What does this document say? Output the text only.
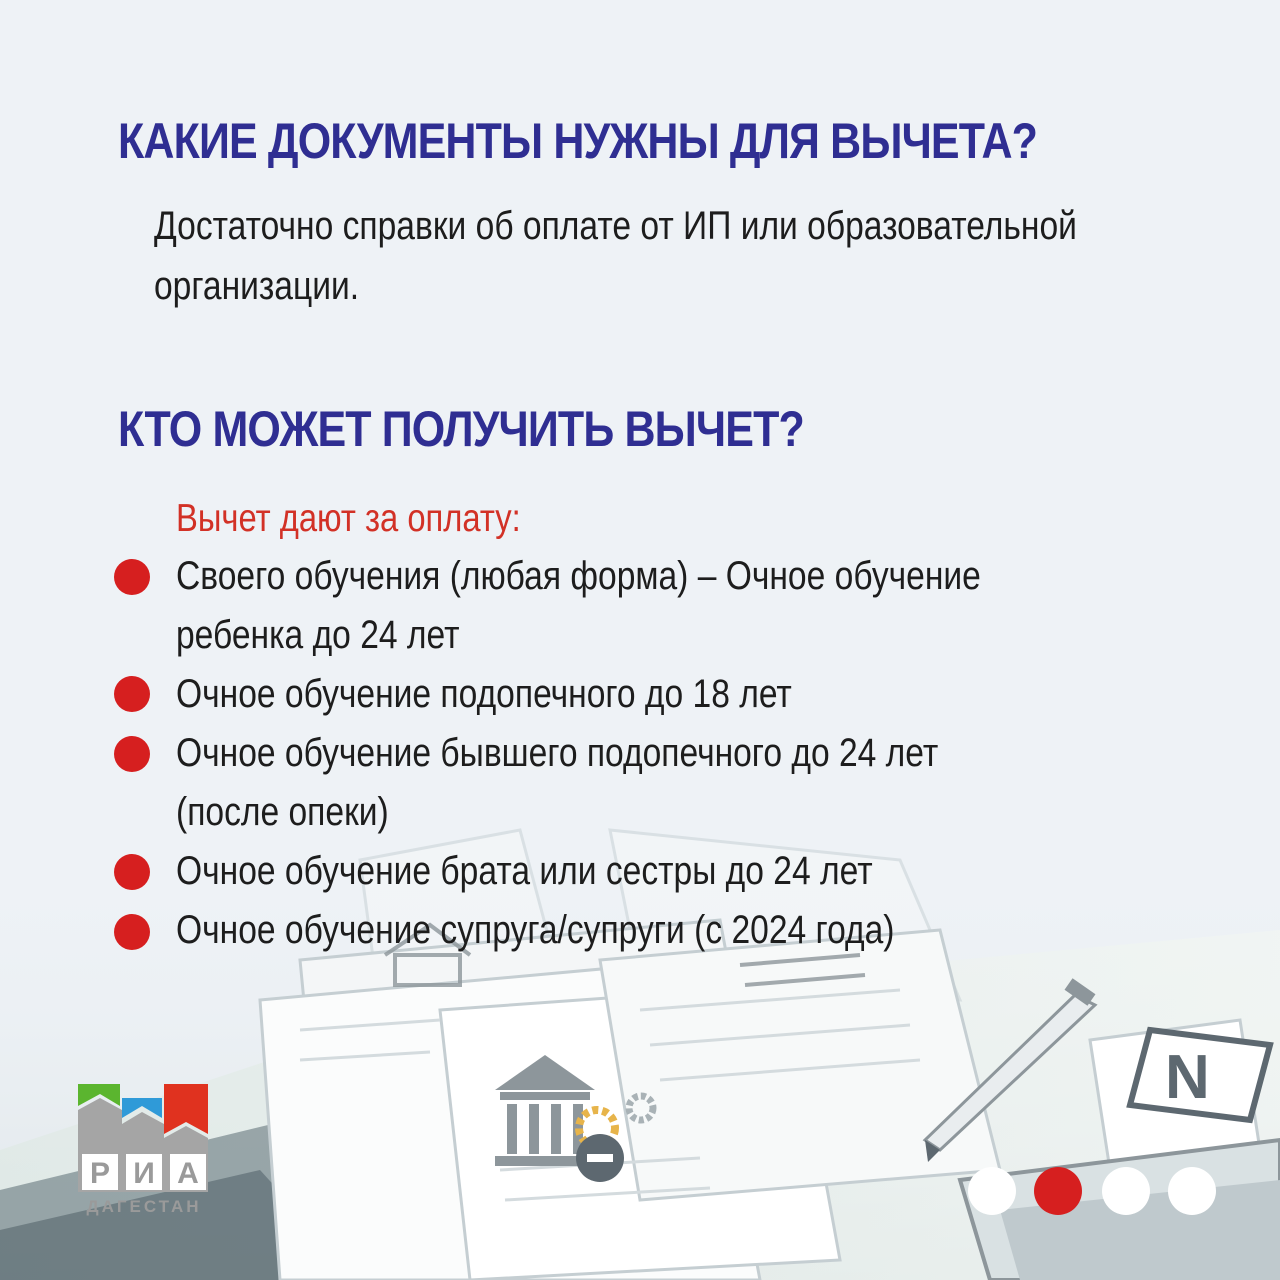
N
КАКИЕ ДОКУМЕНТЫ НУЖНЫ ДЛЯ ВЫЧЕТА?

Достаточно справки об оплате от ИП или образовательной
организации.

КТО МОЖЕТ ПОЛУЧИТЬ ВЫЧЕТ?

Вычет дают за оплату:

Своего обучения (любая форма) – Очное обучение
ребенка до 24 лет

Очное обучение подопечного до 18 лет

Очное обучение бывшего подопечного до 24 лет
(после опеки)

Очное обучение брата или сестры до 24 лет

Очное обучение супруга/супруги (с 2024 года)

Р И А
ДАГЕСТАН
